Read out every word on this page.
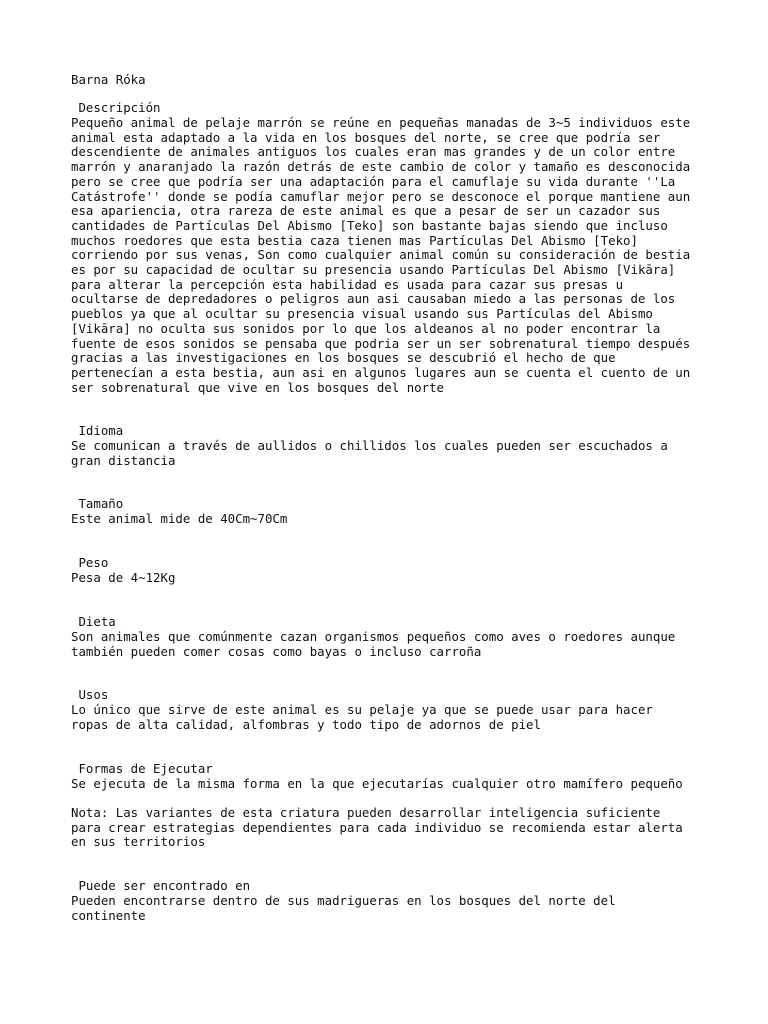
Barna Róka

Descripción

Pequeño animal de pelaje marrón se reúne en pequeñas manadas de 3~5 individuos este
animal esta adaptado a la vida en los bosques del norte, se cree que podría ser
descendiente de animales antiguos los cuales eran mas grandes y de un color entre
marrón y anaranjado la razón detrás de este cambio de color y tamaño es desconocida
pero se cree que podría ser una adaptación para el camuflaje su vida durante ''La
Catástrofe'' donde se podía camuflar mejor pero se desconoce el porque mantiene aun
esa apariencia, otra rareza de este animal es que a pesar de ser un cazador sus
cantidades de Partículas Del Abismo [Teko] son bastante bajas siendo que incluso
muchos roedores que esta bestia caza tienen mas Partículas Del Abismo [Teko]
corriendo por sus venas, Son como cualquier animal común su consideración de bestia
es por su capacidad de ocultar su presencia usando Partículas Del Abismo [Vikāra]
para alterar la percepción esta habilidad es usada para cazar sus presas u
ocultarse de depredadores o peligros aun asi causaban miedo a las personas de los
pueblos ya que al ocultar su presencia visual usando sus Partículas del Abismo
[Vikāra] no oculta sus sonidos por lo que los aldeanos al no poder encontrar la
fuente de esos sonidos se pensaba que podria ser un ser sobrenatural tiempo después
gracias a las investigaciones en los bosques se descubrió el hecho de que
pertenecían a esta bestia, aun asi en algunos lugares aun se cuenta el cuento de un
ser sobrenatural que vive en los bosques del norte

Idioma

Se comunican a través de aullidos o chillidos los cuales pueden ser escuchados a
gran distancia

Tamaño

Este animal mide de 40Cm~70Cm

Peso

Pesa de 4~12Kg

Dieta

Son animales que comúnmente cazan organismos pequeños como aves o roedores aunque
también pueden comer cosas como bayas o incluso carroña

Usos

Lo único que sirve de este animal es su pelaje ya que se puede usar para hacer
ropas de alta calidad, alfombras y todo tipo de adornos de piel

Formas de Ejecutar

Se ejecuta de la misma forma en la que ejecutarías cualquier otro mamífero pequeño

Nota: Las variantes de esta criatura pueden desarrollar inteligencia suficiente
para crear estrategias dependientes para cada individuo se recomienda estar alerta
en sus territorios

Puede ser encontrado en

Pueden encontrarse dentro de sus madrigueras en los bosques del norte del
continente
